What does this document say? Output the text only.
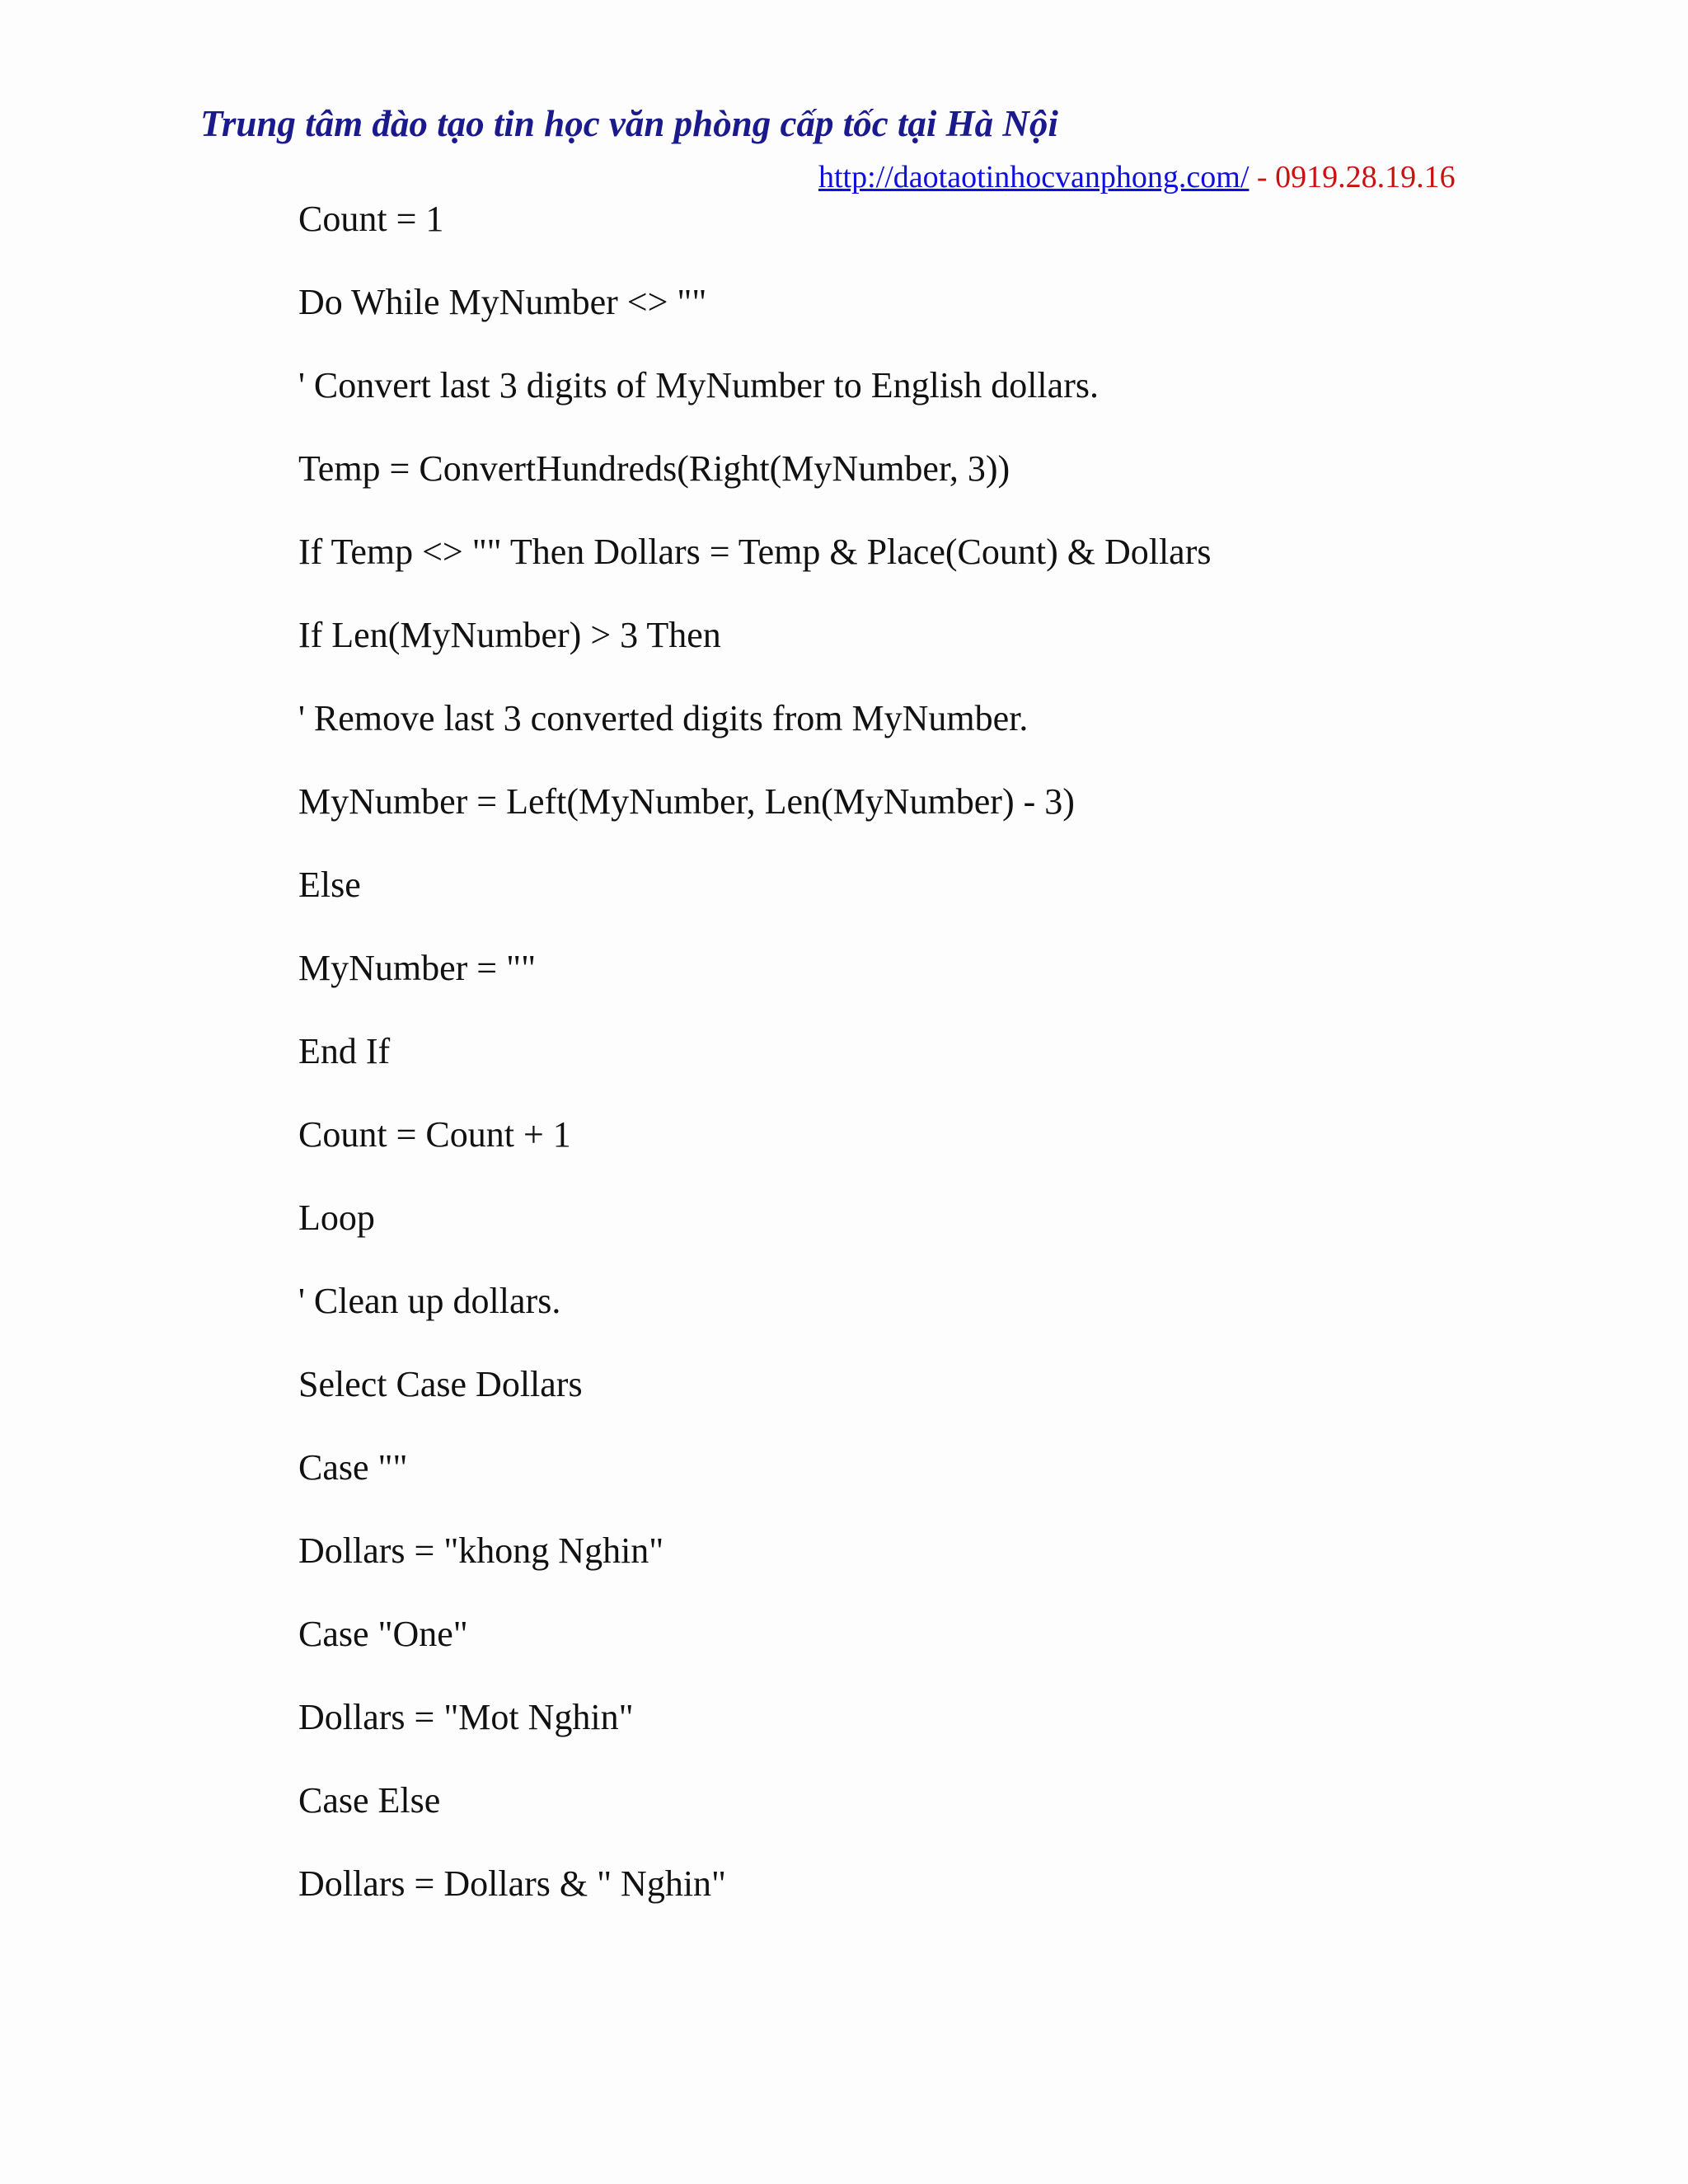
Trung tâm đào tạo tin học văn phòng cấp tốc tại Hà Nội
http://daotaotinhocvanphong.com/ - 0919.28.19.16
Count = 1
Do While MyNumber <> ""
' Convert last 3 digits of MyNumber to English dollars.
Temp = ConvertHundreds(Right(MyNumber, 3))
If Temp <> "" Then Dollars = Temp & Place(Count) & Dollars
If Len(MyNumber) > 3 Then
' Remove last 3 converted digits from MyNumber.
MyNumber = Left(MyNumber, Len(MyNumber) - 3)
Else
MyNumber = ""
End If
Count = Count + 1
Loop
' Clean up dollars.
Select Case Dollars
Case ""
Dollars = "khong Nghin"
Case "One"
Dollars = "Mot Nghin"
Case Else
Dollars = Dollars & " Nghin"
